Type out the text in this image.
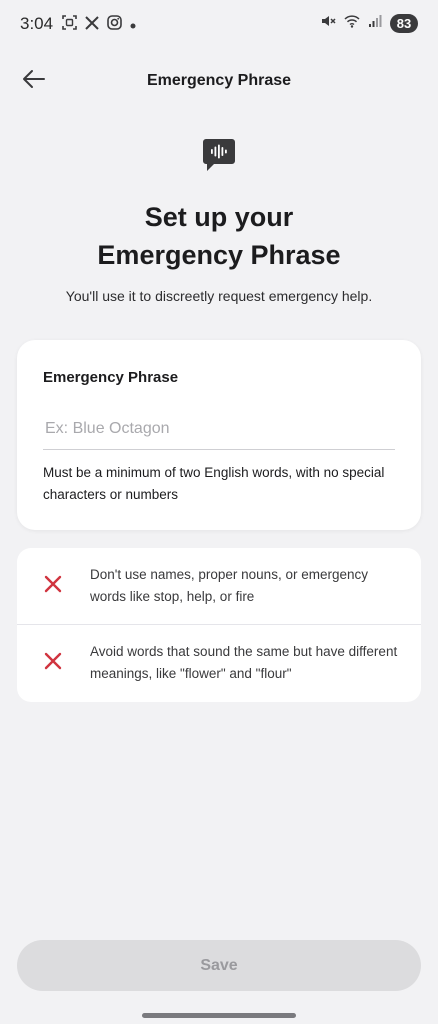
3:04	83
Emergency Phrase
Set up your
Emergency Phrase
You'll use it to discreetly request emergency help.
Emergency Phrase
Ex: Blue Octagon
Must be a minimum of two English words, with no special characters or numbers
Don't use names, proper nouns, or emergency words like stop, help, or fire
Avoid words that sound the same but have different meanings, like "flower" and "flour"
Save
